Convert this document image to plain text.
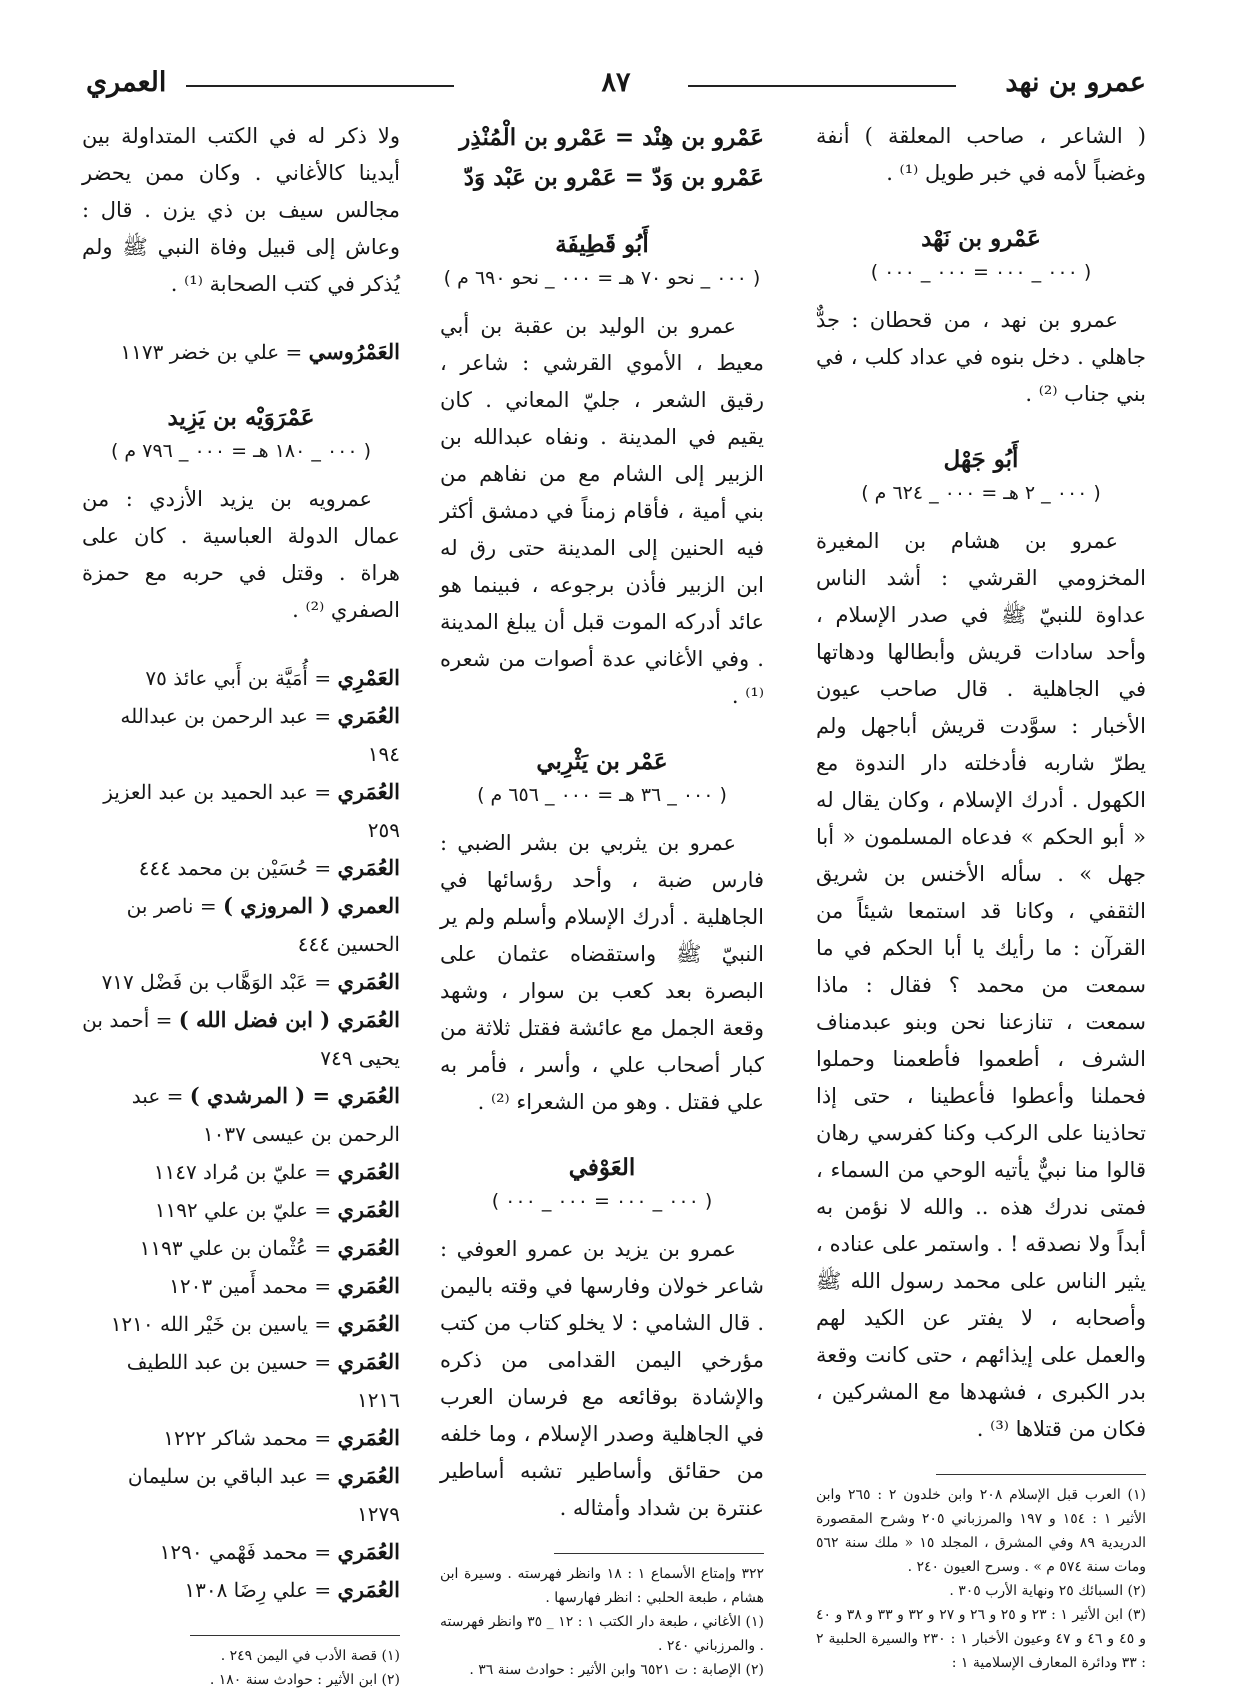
عمرو بن نهد
٨٧
العمري

( الشاعر ، صاحب المعلقة ) أنفة وغضباً لأمه في خبر طويل ⁽¹⁾ .

عَمْرو بن نَهْد

( ٠٠٠ _ ٠٠٠ = ٠٠٠ _ ٠٠٠ )

عمرو بن نهد ، من قحطان : جدٌّ جاهلي . دخل بنوه في عداد كلب ، في بني جناب ⁽²⁾ .

أَبُو جَهْل

( ٠٠٠ _ ٢ هـ = ٠٠٠ _ ٦٢٤ م )

عمرو بن هشام بن المغيرة المخزومي القرشي : أشد الناس عداوة للنبيّ ﷺ في صدر الإسلام ، وأحد سادات قريش وأبطالها ودهاتها في الجاهلية . قال صاحب عيون الأخبار : سوَّدت قريش أباجهل ولم يطرّ شاربه فأدخلته دار الندوة مع الكهول . أدرك الإسلام ، وكان يقال له « أبو الحكم » فدعاه المسلمون « أبا جهل » . سأله الأخنس بن شريق الثقفي ، وكانا قد استمعا شيئاً من القرآن : ما رأيك يا أبا الحكم في ما سمعت من محمد ؟ فقال : ماذا سمعت ، تنازعنا نحن وبنو عبدمناف الشرف ، أطعموا فأطعمنا وحملوا فحملنا وأعطوا فأعطينا ، حتى إذا تحاذينا على الركب وكنا كفرسي رهان قالوا منا نبيٌّ يأتيه الوحي من السماء ، فمتى ندرك هذه .. والله لا نؤمن به أبداً ولا نصدقه ! . واستمر على عناده ، يثير الناس على محمد رسول الله ﷺ وأصحابه ، لا يفتر عن الكيد لهم والعمل على إيذائهم ، حتى كانت وقعة بدر الكبرى ، فشهدها مع المشركين ، فكان من قتلاها ⁽³⁾ .

(١) العرب قبل الإسلام ٢٠٨ وابن خلدون ٢ : ٢٦٥ وابن الأثير ١ : ١٥٤ و ١٩٧ والمرزباني ٢٠٥ وشرح المقصورة الدريدية ٨٩ وفي المشرق ، المجلد ١٥ « ملك سنة ٥٦٢ ومات سنة ٥٧٤ م » . وسرح العيون ٢٤٠ .

(٢) السبائك ٢٥ ونهاية الأرب ٣٠٥ .

(٣) ابن الأثير ١ : ٢٣ و ٢٥ و ٢٦ و ٢٧ و ٣٢ و ٣٣ و ٣٨ و ٤٠ و ٤٥ و ٤٦ و ٤٧ وعيون الأخبار ١ : ٢٣٠ والسيرة الحلبية ٢ : ٣٣ ودائرة المعارف الإسلامية ١ :

عَمْرو بن هِنْد = عَمْرو بن الْمُنْذِر

عَمْرو بن وَدّ = عَمْرو بن عَبْد وَدّ

أَبُو قَطِيفَة

( ٠٠٠ _ نحو ٧٠ هـ = ٠٠٠ _ نحو ٦٩٠ م )

عمرو بن الوليد بن عقبة بن أبي معيط ، الأموي القرشي : شاعر ، رقيق الشعر ، جليّ المعاني . كان يقيم في المدينة . ونفاه عبدالله بن الزبير إلى الشام مع من نفاهم من بني أمية ، فأقام زمناً في دمشق أكثر فيه الحنين إلى المدينة حتى رق له ابن الزبير فأذن برجوعه ، فبينما هو عائد أدركه الموت قبل أن يبلغ المدينة . وفي الأغاني عدة أصوات من شعره ⁽¹⁾ .

عَمْر بن يَثْرِبي

( ٠٠٠ _ ٣٦ هـ = ٠٠٠ _ ٦٥٦ م )

عمرو بن يثربي بن بشر الضبي : فارس ضبة ، وأحد رؤسائها في الجاهلية . أدرك الإسلام وأسلم ولم ير النبيّ ﷺ واستقضاه عثمان على البصرة بعد كعب بن سوار ، وشهد وقعة الجمل مع عائشة فقتل ثلاثة من كبار أصحاب علي ، وأسر ، فأمر به علي فقتل . وهو من الشعراء ⁽²⁾ .

العَوْفي

( ٠٠٠ _ ٠٠٠ = ٠٠٠ _ ٠٠٠ )

عمرو بن يزيد بن عمرو العوفي : شاعر خولان وفارسها في وقته باليمن . قال الشامي : لا يخلو كتاب من كتب مؤرخي اليمن القدامى من ذكره والإشادة بوقائعه مع فرسان العرب في الجاهلية وصدر الإسلام ، وما خلفه من حقائق وأساطير تشبه أساطير عنترة بن شداد وأمثاله .

٣٢٢ وإمتاع الأسماع ١ : ١٨ وانظر فهرسته . وسيرة ابن هشام ، طبعة الحلبي : انظر فهارسها .

(١) الأغاني ، طبعة دار الكتب ١ : ١٢ _ ٣٥ وانظر فهرسته . والمرزباني ٢٤٠ .

(٢) الإصابة : ت ٦٥٢١ وابن الأثير : حوادث سنة ٣٦ .

ولا ذكر له في الكتب المتداولة بين أيدينا كالأغاني . وكان ممن يحضر مجالس سيف بن ذي يزن . قال : وعاش إلى قبيل وفاة النبي ﷺ ولم يُذكر في كتب الصحابة ⁽¹⁾ .

العَمْرُوسي = علي بن خضر ١١٧٣

عَمْرَوَيْه بن يَزِيد

( ٠٠٠ _ ١٨٠ هـ = ٠٠٠ _ ٧٩٦ م )

عمرويه بن يزيد الأزدي : من عمال الدولة العباسية . كان على هراة . وقتل في حربه مع حمزة الصفري ⁽²⁾ .

العَمْرِي = أُمَيَّة بن أَبي عائذ ٧٥

العُمَري = عبد الرحمن بن عبدالله ١٩٤

العُمَري = عبد الحميد بن عبد العزيز ٢٥٩

العُمَري = حُسَيْن بن محمد ٤٤٤

العمري ( المروزي ) = ناصر بن الحسين ٤٤٤

العُمَري = عَبْد الوَهَّاب بن فَضْل ٧١٧

العُمَري ( ابن فضل الله ) = أحمد بن يحيى ٧٤٩

العُمَري = ( المرشدي ) = عبد الرحمن بن عيسى ١٠٣٧

العُمَري = عليّ بن مُراد ١١٤٧

العُمَري = عليّ بن علي ١١٩٢

العُمَري = عُثْمان بن علي ١١٩٣

العُمَري = محمد أَمين ١٢٠٣

العُمَري = ياسين بن خَيْر الله ١٢١٠

العُمَري = حسين بن عبد اللطيف ١٢١٦

العُمَري = محمد شاكر ١٢٢٢

العُمَري = عبد الباقي بن سليمان ١٢٧٩

العُمَري = محمد فَهْمي ١٢٩٠

العُمَري = علي رِضَا ١٣٠٨

(١) قصة الأدب في اليمن ٢٤٩ .

(٢) ابن الأثير : حوادث سنة ١٨٠ .
